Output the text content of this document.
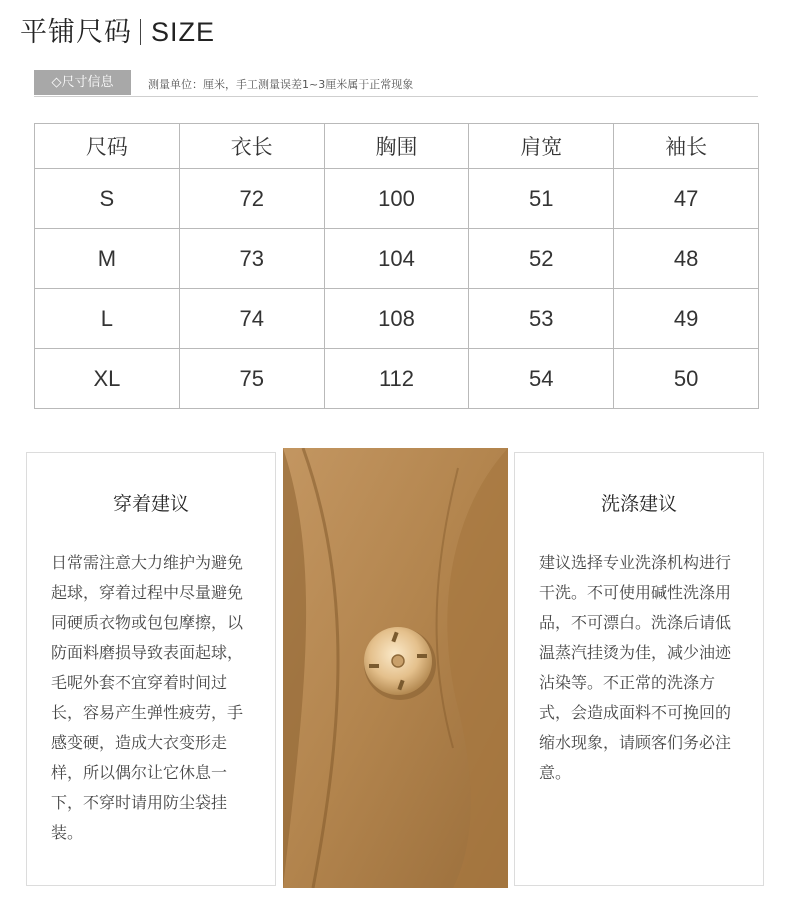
平铺尺码 SIZE
◇尺寸信息	测量单位：厘米，手工测量误差1~3厘米属于正常现象
尺码	衣长	胸围	肩宽	袖长
S	72	100	51	47
M	73	104	52	48
L	74	108	53	49
XL	75	112	54	50
穿着建议

日常需注意大力维护为避免起球，穿着过程中尽量避免同硬质衣物或包包摩擦，以防面料磨损导致表面起球，毛呢外套不宜穿着时间过长，容易产生弹性疲劳，手感变硬，造成大衣变形走样，所以偶尔让它休息一下，不穿时请用防尘袋挂装。

洗涤建议

建议选择专业洗涤机构进行干洗。不可使用碱性洗涤用品，不可漂白。洗涤后请低温蒸汽挂烫为佳，减少油迹沾染等。不正常的洗涤方式，会造成面料不可挽回的缩水现象，请顾客们务必注意。
